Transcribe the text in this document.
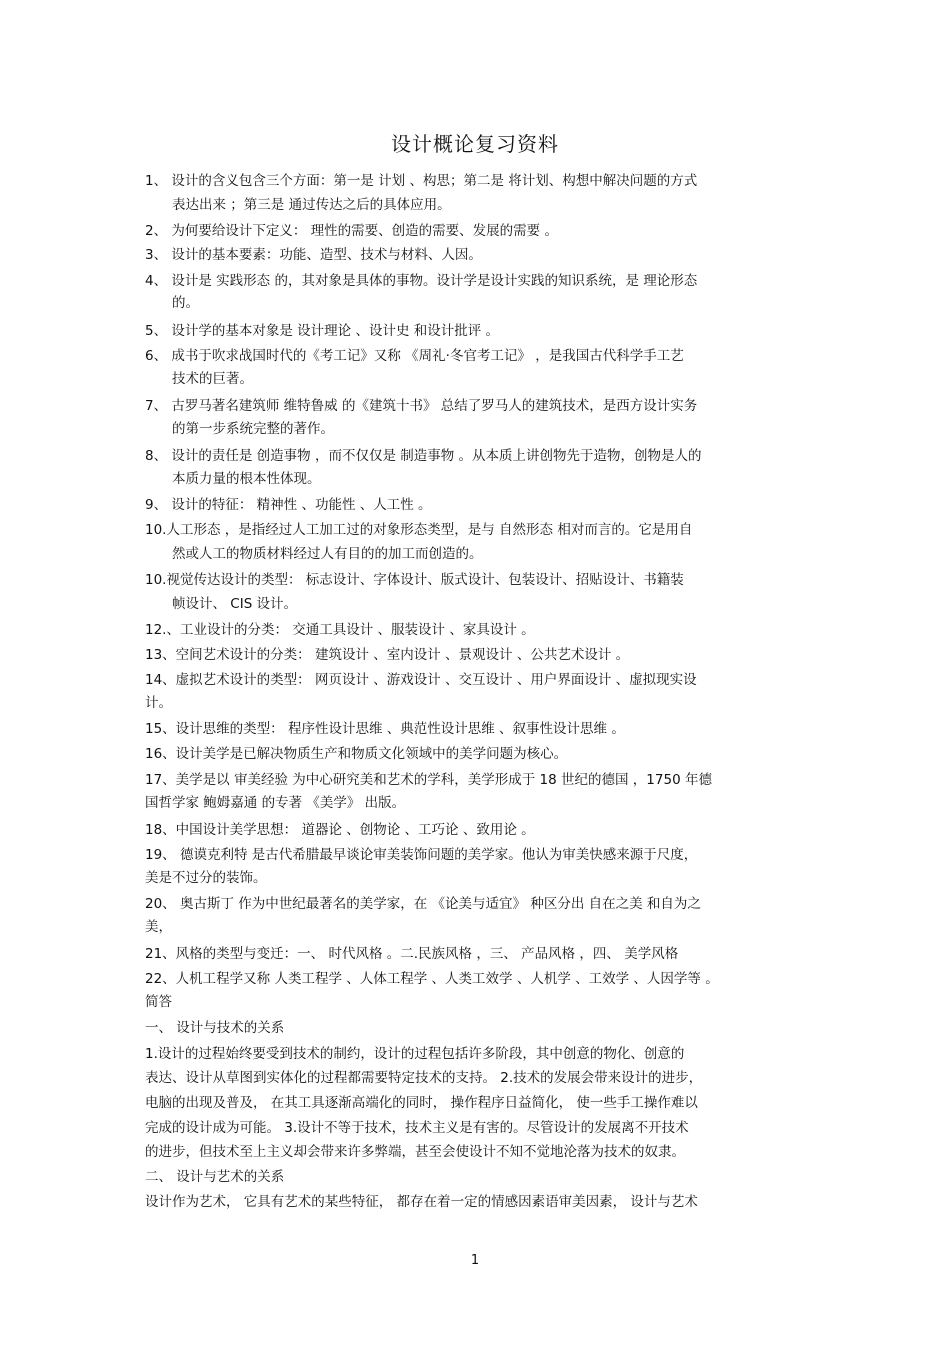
设计概论复习资料
1、 设计的含义包含三个方面：第一是 计划 、构思；第二是 将计划、构想中解决问题的方式
表达出来 ；第三是 通过传达之后的具体应用。
2、 为何要给设计下定义： 理性的需要、创造的需要、发展的需要 。
3、 设计的基本要素：功能、造型、技术与材料、人因。
4、 设计是 实践形态 的，其对象是具体的事物。设计学是设计实践的知识系统，是 理论形态
的。
5、 设计学的基本对象是 设计理论 、设计史 和设计批评 。
6、 成书于吹求战国时代的《考工记》又称 《周礼·冬官考工记》 ，是我国古代科学手工艺
技术的巨著。
7、 古罗马著名建筑师 维特鲁威 的《建筑十书》 总结了罗马人的建筑技术，是西方设计实务
的第一步系统完整的著作。
8、 设计的责任是 创造事物 ，而不仅仅是 制造事物 。从本质上讲创物先于造物，创物是人的
本质力量的根本性体现。
9、 设计的特征： 精神性 、功能性 、人工性 。
10.人工形态 ，是指经过人工加工过的对象形态类型，是与 自然形态 相对而言的。它是用自
然或人工的物质材料经过人有目的的加工而创造的。
10.视觉传达设计的类型： 标志设计、字体设计、版式设计、包装设计、招贴设计、书籍装
帧设计、 CIS 设计。
12.、工业设计的分类： 交通工具设计 、服装设计 、家具设计 。
13、空间艺术设计的分类： 建筑设计 、室内设计 、景观设计 、公共艺术设计 。
14、虚拟艺术设计的类型： 网页设计 、游戏设计 、交互设计 、用户界面设计 、虚拟现实设
计。
15、设计思维的类型： 程序性设计思维 、典范性设计思维 、叙事性设计思维 。
16、设计美学是已解决物质生产和物质文化领域中的美学问题为核心。
17、美学是以 审美经验 为中心研究美和艺术的学科，美学形成于 18 世纪的德国 ，1750 年德
国哲学家 鲍姆嘉通 的专著 《美学》 出版。
18、中国设计美学思想： 道器论 、创物论 、工巧论 、致用论 。
19、 德谟克利特 是古代希腊最早谈论审美装饰问题的美学家。他认为审美快感来源于尺度，
美是不过分的装饰。
20、 奥古斯丁 作为中世纪最著名的美学家，在 《论美与适宜》 种区分出 自在之美 和自为之
美，
21、风格的类型与变迁：一、 时代风格 。二.民族风格 ，三、 产品风格 ，四、 美学风格
22、人机工程学又称 人类工程学 、人体工程学 、人类工效学 、人机学 、工效学 、人因学等 。
简答
一、 设计与技术的关系
1.设计的过程始终要受到技术的制约，设计的过程包括许多阶段，其中创意的物化、创意的
表达、设计从草图到实体化的过程都需要特定技术的支持。 2.技术的发展会带来设计的进步，
电脑的出现及普及， 在其工具逐渐高端化的同时， 操作程序日益简化， 使一些手工操作难以
完成的设计成为可能。 3.设计不等于技术，技术主义是有害的。尽管设计的发展离不开技术
的进步，但技术至上主义却会带来许多弊端，甚至会使设计不知不觉地沦落为技术的奴隶。
二、 设计与艺术的关系
设计作为艺术， 它具有艺术的某些特征， 都存在着一定的情感因素语审美因素， 设计与艺术
1
